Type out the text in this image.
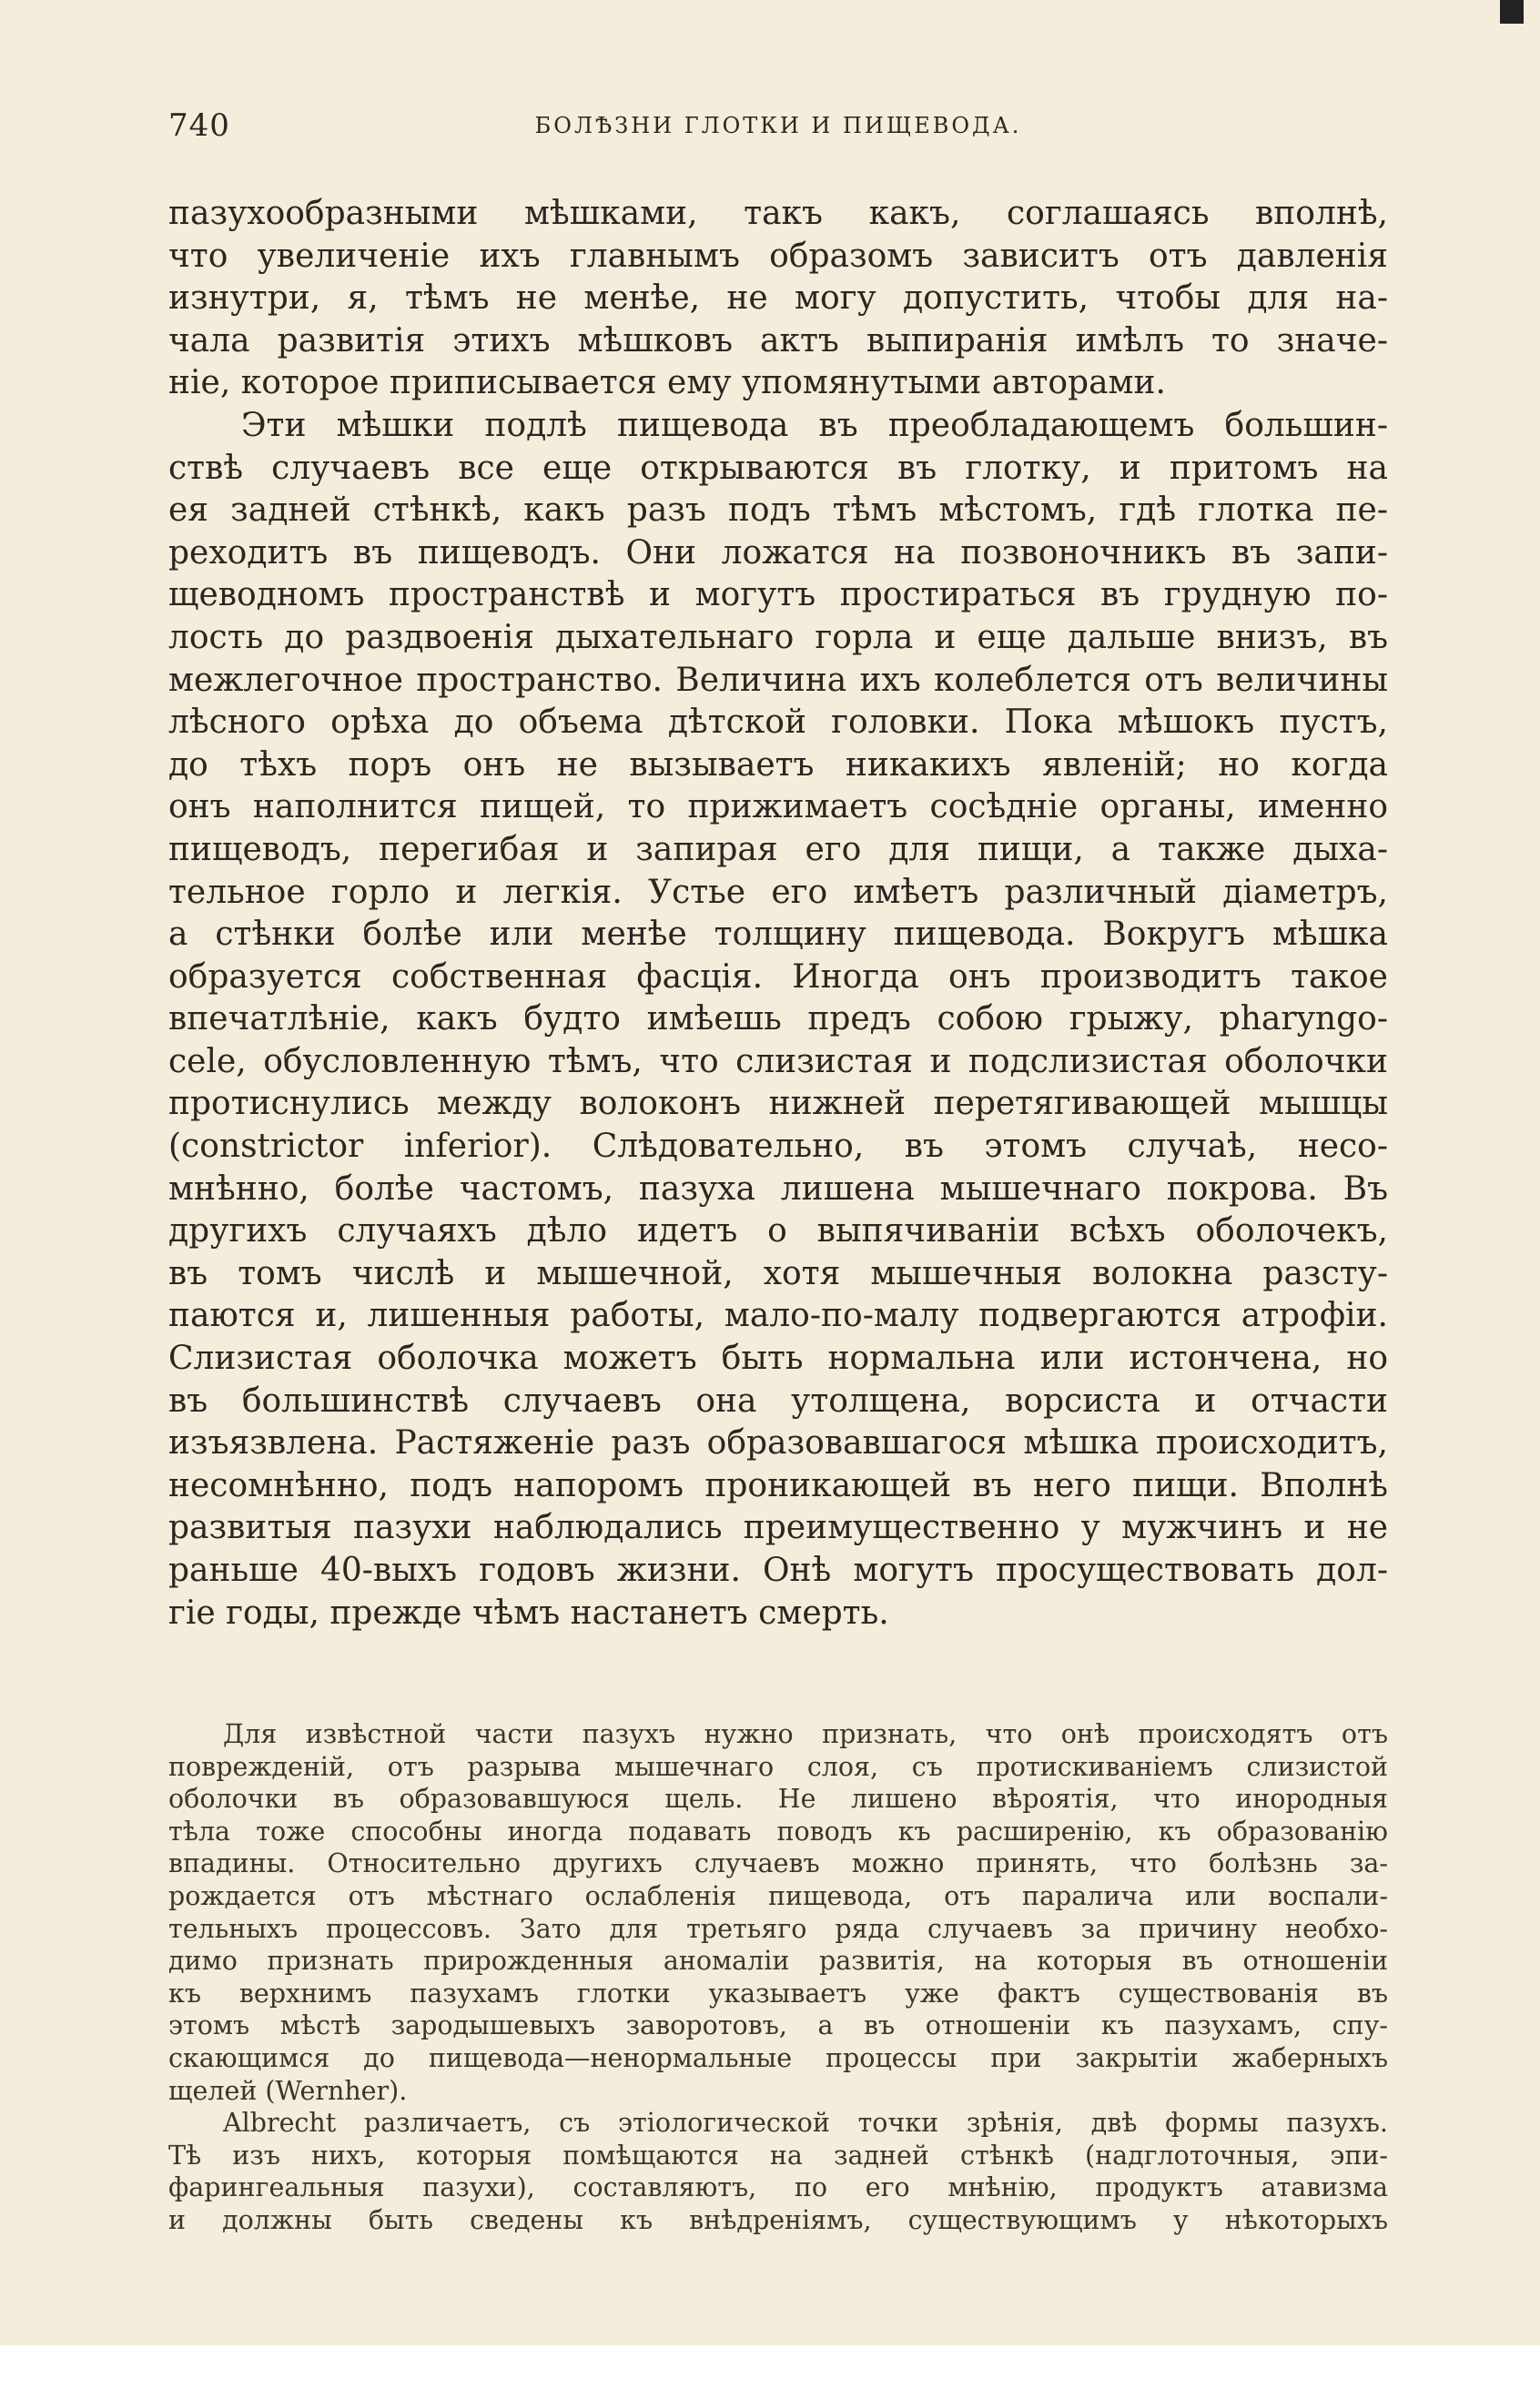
740	БОЛѢЗНИ ГЛОТКИ И ПИЩЕВОДА.
пазухообразными мѣшками, такъ какъ, соглашаясь вполнѣ,
что увеличеніе ихъ главнымъ образомъ зависитъ отъ давленія
изнутри, я, тѣмъ не менѣе, не могу допустить, чтобы для на-
чала развитія этихъ мѣшковъ актъ выпиранія имѣлъ то значе-
ніе, которое приписывается ему упомянутыми авторами.
Эти мѣшки подлѣ пищевода въ преобладающемъ большин-
ствѣ случаевъ все еще открываются въ глотку, и притомъ на
ея задней стѣнкѣ, какъ разъ подъ тѣмъ мѣстомъ, гдѣ глотка пе-
реходитъ въ пищеводъ. Они ложатся на позвоночникъ въ запи-
щеводномъ пространствѣ и могутъ простираться въ грудную по-
лость до раздвоенія дыхательнаго горла и еще дальше внизъ, въ
межлегочное пространство. Величина ихъ колеблется отъ величины
лѣсного орѣха до объема дѣтской головки. Пока мѣшокъ пустъ,
до тѣхъ поръ онъ не вызываетъ никакихъ явленій; но когда
онъ наполнится пищей, то прижимаетъ сосѣдніе органы, именно
пищеводъ, перегибая и запирая его для пищи, а также дыха-
тельное горло и легкія. Устье его имѣетъ различный діаметръ,
а стѣнки болѣе или менѣе толщину пищевода. Вокругъ мѣшка
образуется собственная фасція. Иногда онъ производитъ такое
впечатлѣніе, какъ будто имѣешь предъ собою грыжу, pharyngo-
cele, обусловленную тѣмъ, что слизистая и подслизистая оболочки
протиснулись между волоконъ нижней перетягивающей мышцы
(constrictor inferior). Слѣдовательно, въ этомъ случаѣ, несо-
мнѣнно, болѣе частомъ, пазуха лишена мышечнаго покрова. Въ
другихъ случаяхъ дѣло идетъ о выпячиваніи всѣхъ оболочекъ,
въ томъ числѣ и мышечной, хотя мышечныя волокна разсту-
паются и, лишенныя работы, мало-по-малу подвергаются атрофіи.
Слизистая оболочка можетъ быть нормальна или истончена, но
въ большинствѣ случаевъ она утолщена, ворсиста и отчасти
изъязвлена. Растяженіе разъ образовавшагося мѣшка происходитъ,
несомнѣнно, подъ напоромъ проникающей въ него пищи. Вполнѣ
развитыя пазухи наблюдались преимущественно у мужчинъ и не
раньше 40-выхъ годовъ жизни. Онѣ могутъ просуществовать дол-
гіе годы, прежде чѣмъ настанетъ смерть.
Для извѣстной части пазухъ нужно признать, что онѣ происходятъ отъ
поврежденій, отъ разрыва мышечнаго слоя, съ протискиваніемъ слизистой
оболочки въ образовавшуюся щель. Не лишено вѣроятія, что инородныя
тѣла тоже способны иногда подавать поводъ къ расширенію, къ образованію
впадины. Относительно другихъ случаевъ можно принять, что болѣзнь за-
рождается отъ мѣстнаго ослабленія пищевода, отъ паралича или воспали-
тельныхъ процессовъ. Зато для третьяго ряда случаевъ за причину необхо-
димо признать прирожденныя аномаліи развитія, на которыя въ отношеніи
къ верхнимъ пазухамъ глотки указываетъ уже фактъ существованія въ
этомъ мѣстѣ зародышевыхъ заворотовъ, а въ отношеніи къ пазухамъ, спу-
скающимся до пищевода—ненормальные процессы при закрытіи жаберныхъ
щелей (Wernher).
Albrecht различаетъ, съ этіологической точки зрѣнія, двѣ формы пазухъ.
Тѣ изъ нихъ, которыя помѣщаются на задней стѣнкѣ (надглоточныя, эпи-
фарингеальныя пазухи), составляютъ, по его мнѣнію, продуктъ атавизма
и должны быть сведены къ внѣдреніямъ, существующимъ у нѣкоторыхъ
